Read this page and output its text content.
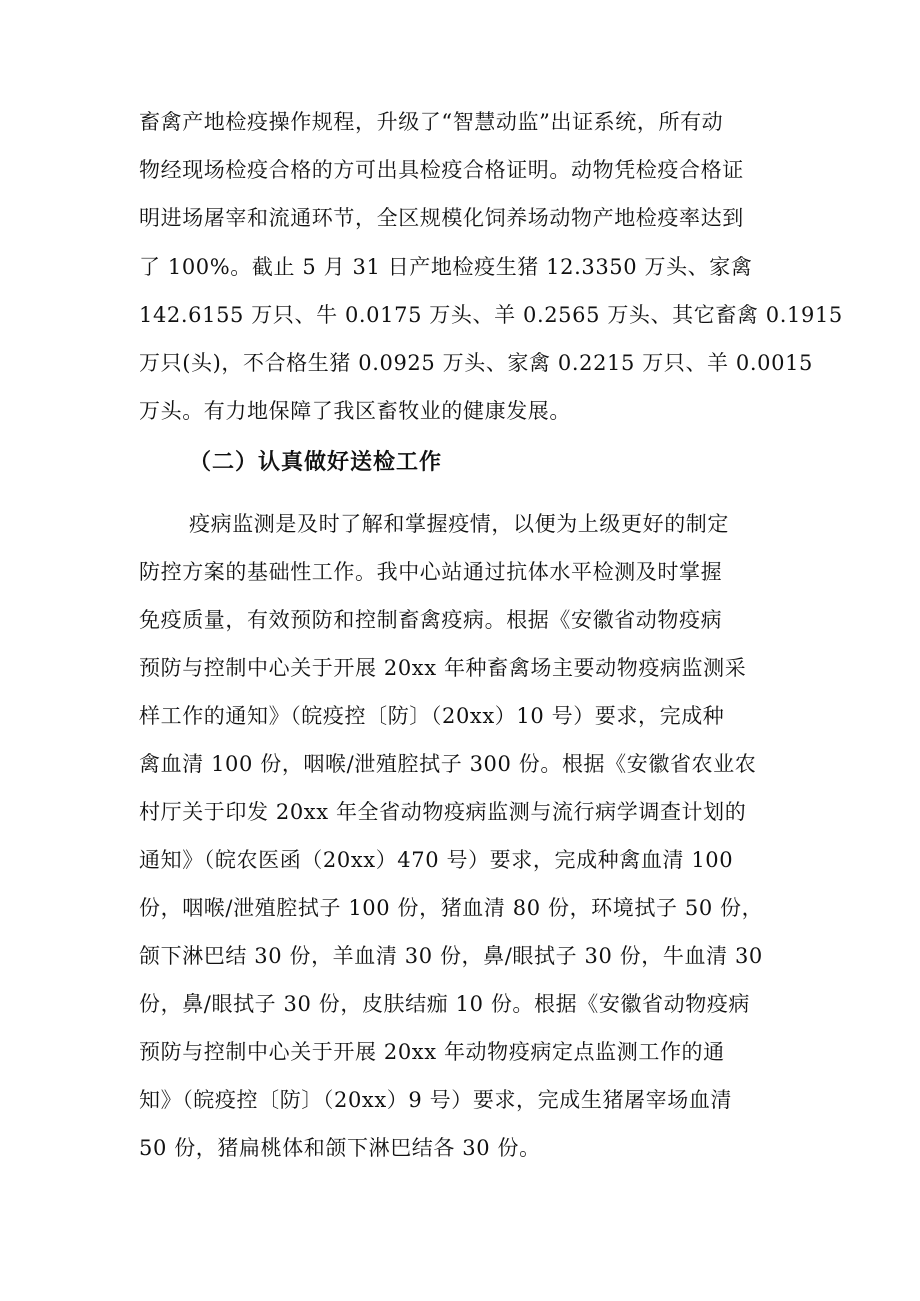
畜禽产地检疫操作规程，升级了“智慧动监”出证系统，所有动
物经现场检疫合格的方可出具检疫合格证明。动物凭检疫合格证
明进场屠宰和流通环节，全区规模化饲养场动物产地检疫率达到
了 100%。截止 5 月 31 日产地检疫生猪 12.3350 万头、家禽
142.6155 万只、牛 0.0175 万头、羊 0.2565 万头、其它畜禽 0.1915
万只(头)，不合格生猪 0.0925 万头、家禽 0.2215 万只、羊 0.0015
万头。有力地保障了我区畜牧业的健康发展。
（二）认真做好送检工作
疫病监测是及时了解和掌握疫情，以便为上级更好的制定
防控方案的基础性工作。我中心站通过抗体水平检测及时掌握
免疫质量，有效预防和控制畜禽疫病。根据《安徽省动物疫病
预防与控制中心关于开展 20xx 年种畜禽场主要动物疫病监测采
样工作的通知》（皖疫控〔防〕（20xx）10 号）要求，完成种
禽血清 100 份，咽喉/泄殖腔拭子 300 份。根据《安徽省农业农
村厅关于印发 20xx 年全省动物疫病监测与流行病学调查计划的
通知》（皖农医函（20xx）470 号）要求，完成种禽血清 100
份，咽喉/泄殖腔拭子 100 份，猪血清 80 份，环境拭子 50 份，
颌下淋巴结 30 份，羊血清 30 份，鼻/眼拭子 30 份，牛血清 30
份，鼻/眼拭子 30 份，皮肤结痂 10 份。根据《安徽省动物疫病
预防与控制中心关于开展 20xx 年动物疫病定点监测工作的通
知》（皖疫控〔防〕（20xx）9 号）要求，完成生猪屠宰场血清
50 份，猪扁桃体和颌下淋巴结各 30 份。
